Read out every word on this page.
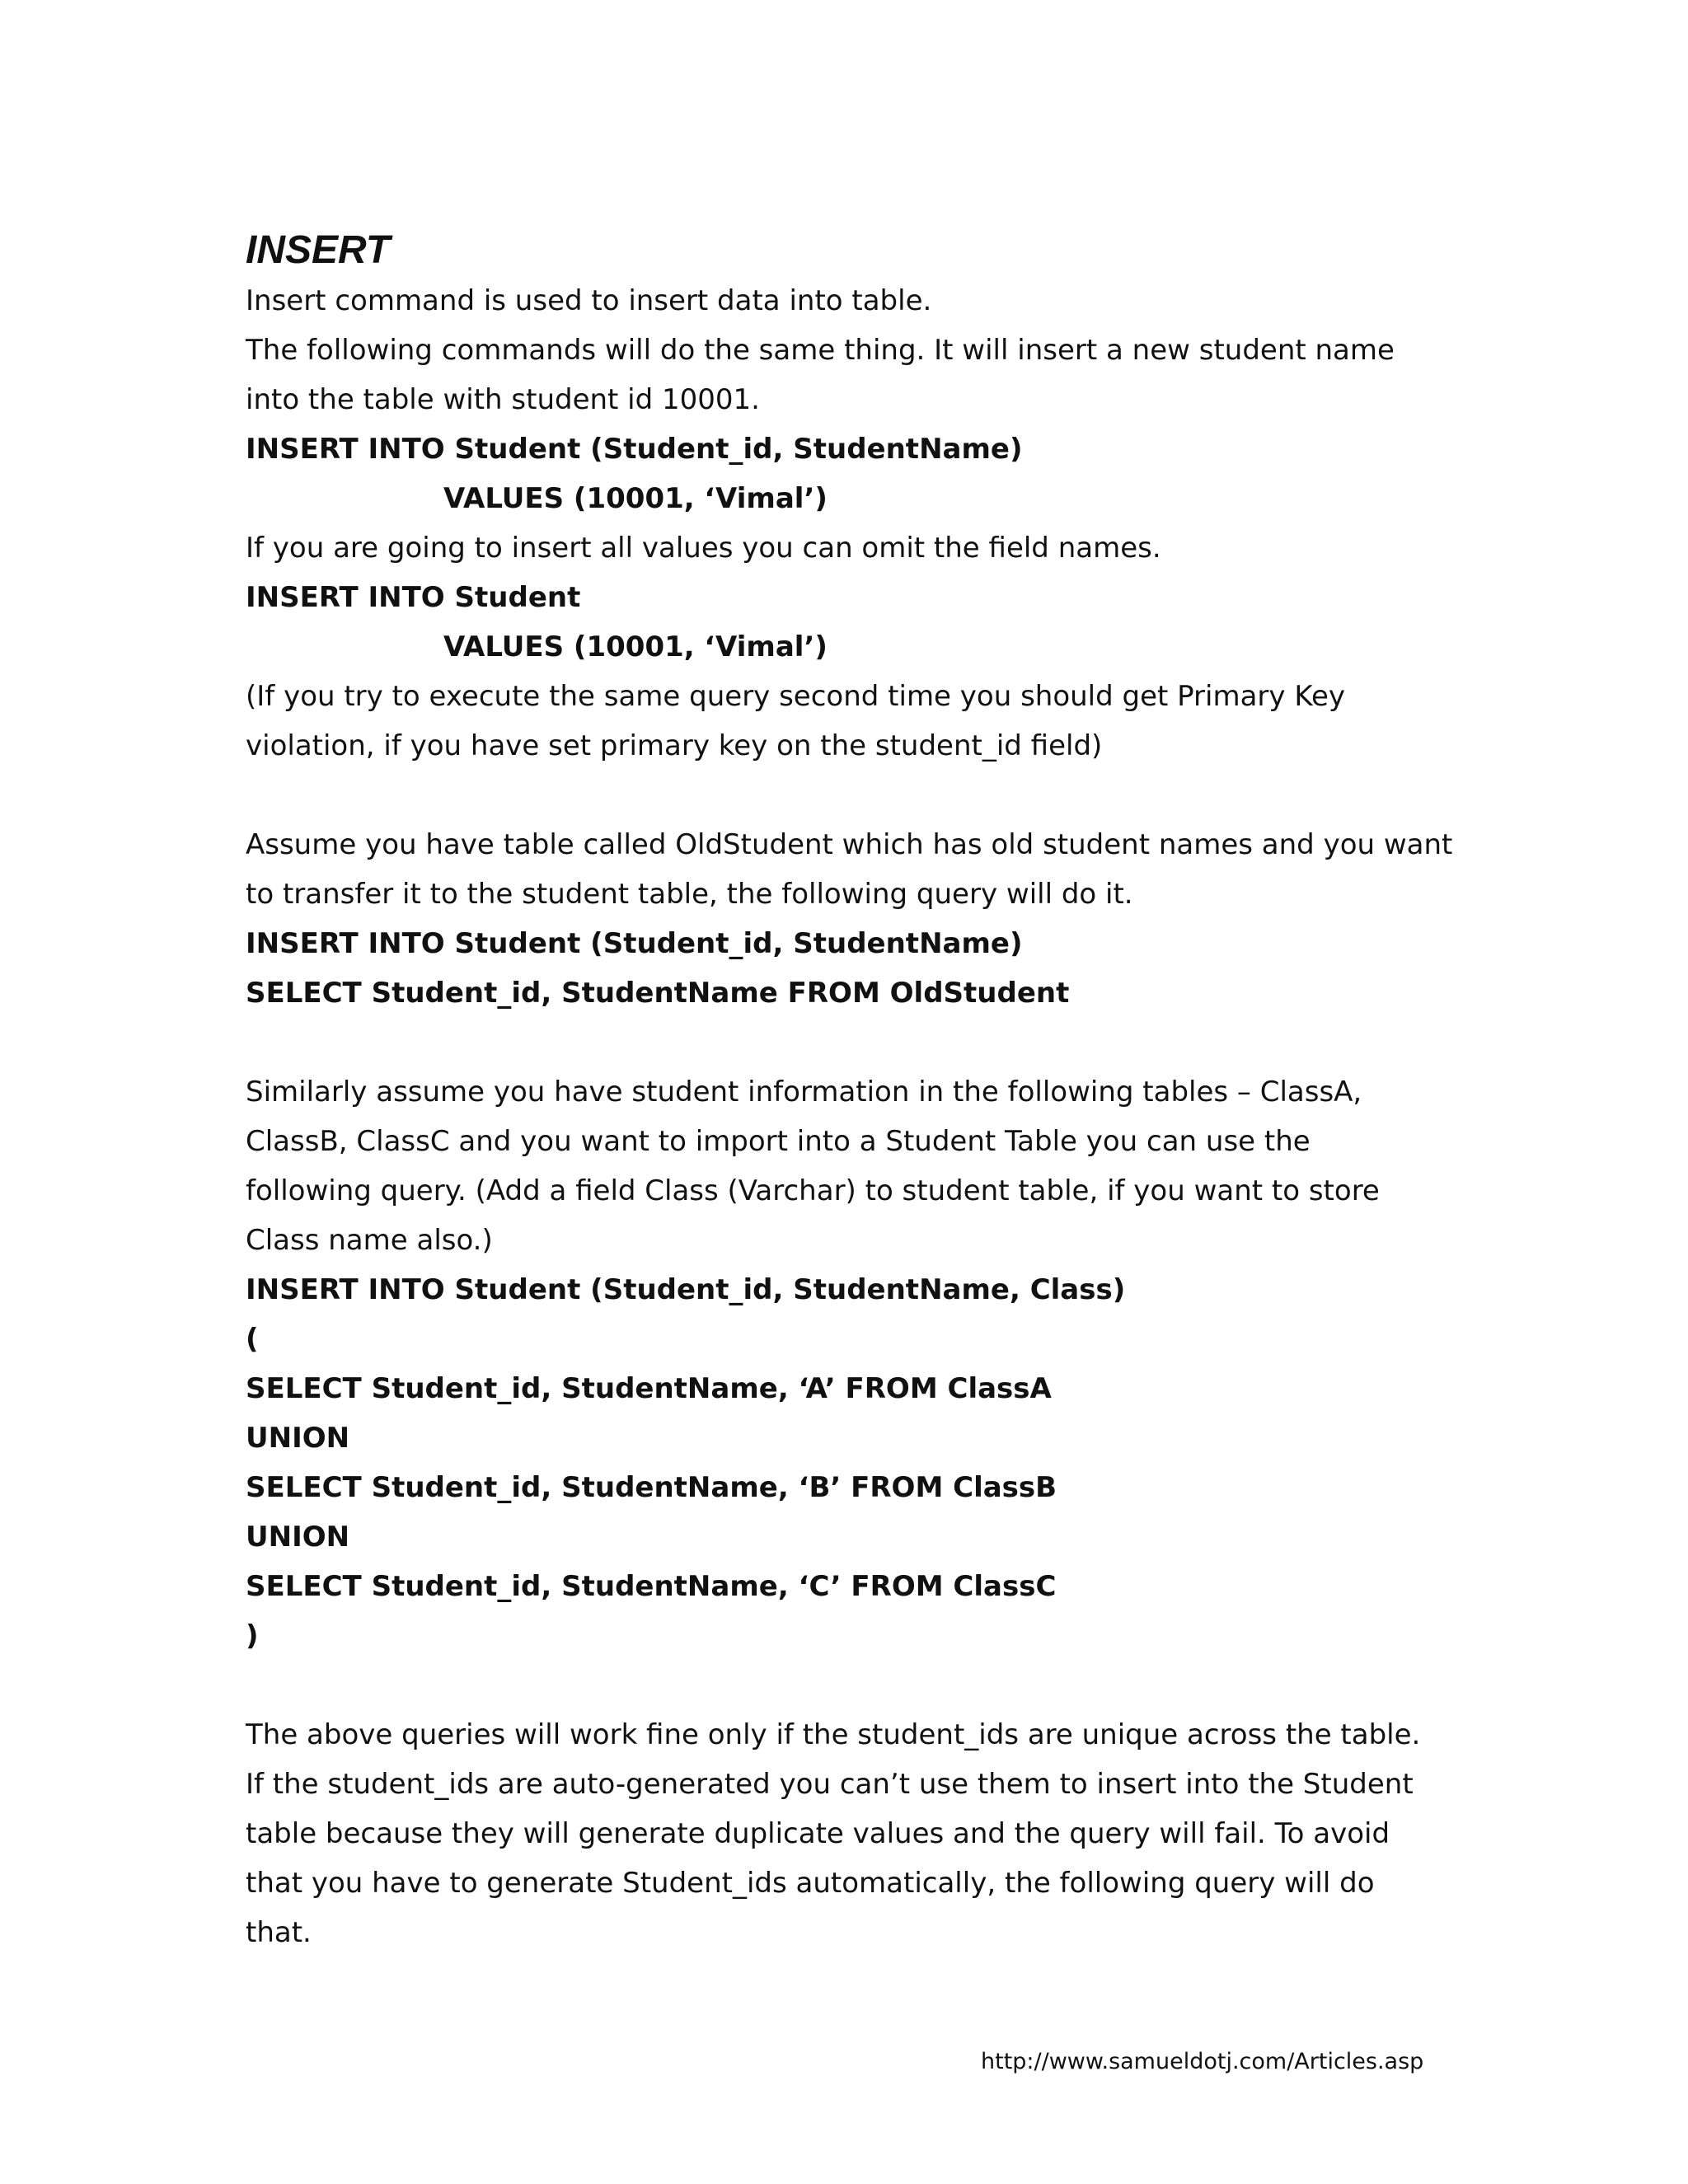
INSERT

Insert command is used to insert data into table.

The following commands will do the same thing. It will insert a new student name

into the table with student id 10001.

INSERT INTO Student (Student_id, StudentName)

VALUES (10001, ‘Vimal’)

If you are going to insert all values you can omit the field names.

INSERT INTO Student

VALUES (10001, ‘Vimal’)

(If you try to execute the same query second time you should get Primary Key

violation, if you have set primary key on the student_id field)

Assume you have table called OldStudent which has old student names and you want

to transfer it to the student table, the following query will do it.

INSERT INTO Student (Student_id, StudentName)

SELECT Student_id, StudentName FROM OldStudent

Similarly assume you have student information in the following tables – ClassA,

ClassB, ClassC and you want to import into a Student Table you can use the

following query. (Add a field Class (Varchar) to student table, if you want to store

Class name also.)

INSERT INTO Student (Student_id, StudentName, Class)

(

SELECT Student_id, StudentName, ‘A’ FROM ClassA

UNION

SELECT Student_id, StudentName, ‘B’ FROM ClassB

UNION

SELECT Student_id, StudentName, ‘C’ FROM ClassC

)

The above queries will work fine only if the student_ids are unique across the table.

If the student_ids are auto-generated you can’t use them to insert into the Student

table because they will generate duplicate values and the query will fail. To avoid

that you have to generate Student_ids automatically, the following query will do

that.

http://www.samueldotj.com/Articles.asp
